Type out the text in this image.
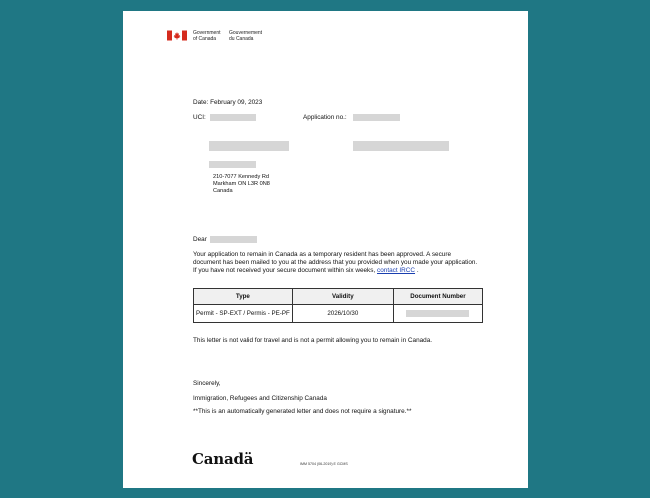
Government
of Canada
Gouvernement
du Canada
Date: February 09, 2023
UCI:	Application no.:
210-7077 Kennedy Rd
Markham ON L3R 0N8
Canada
Dear
Your application to remain in Canada as a temporary resident has been approved. A secure document has been mailed to you at the address that you provided when you made your application. If you have not received your secure document within six weeks, contact IRCC .
Type	Validity	Document Number
Permit - SP-EXT / Permis - PE-PF	2026/10/30	
This letter is not valid for travel and is not a permit allowing you to remain in Canada.
Sincerely,
Immigration, Refugees and Citizenship Canada
**This is an automatically generated letter and does not require a signature.**
Canadä	IMM 5704 (06-2019) E GCMS
